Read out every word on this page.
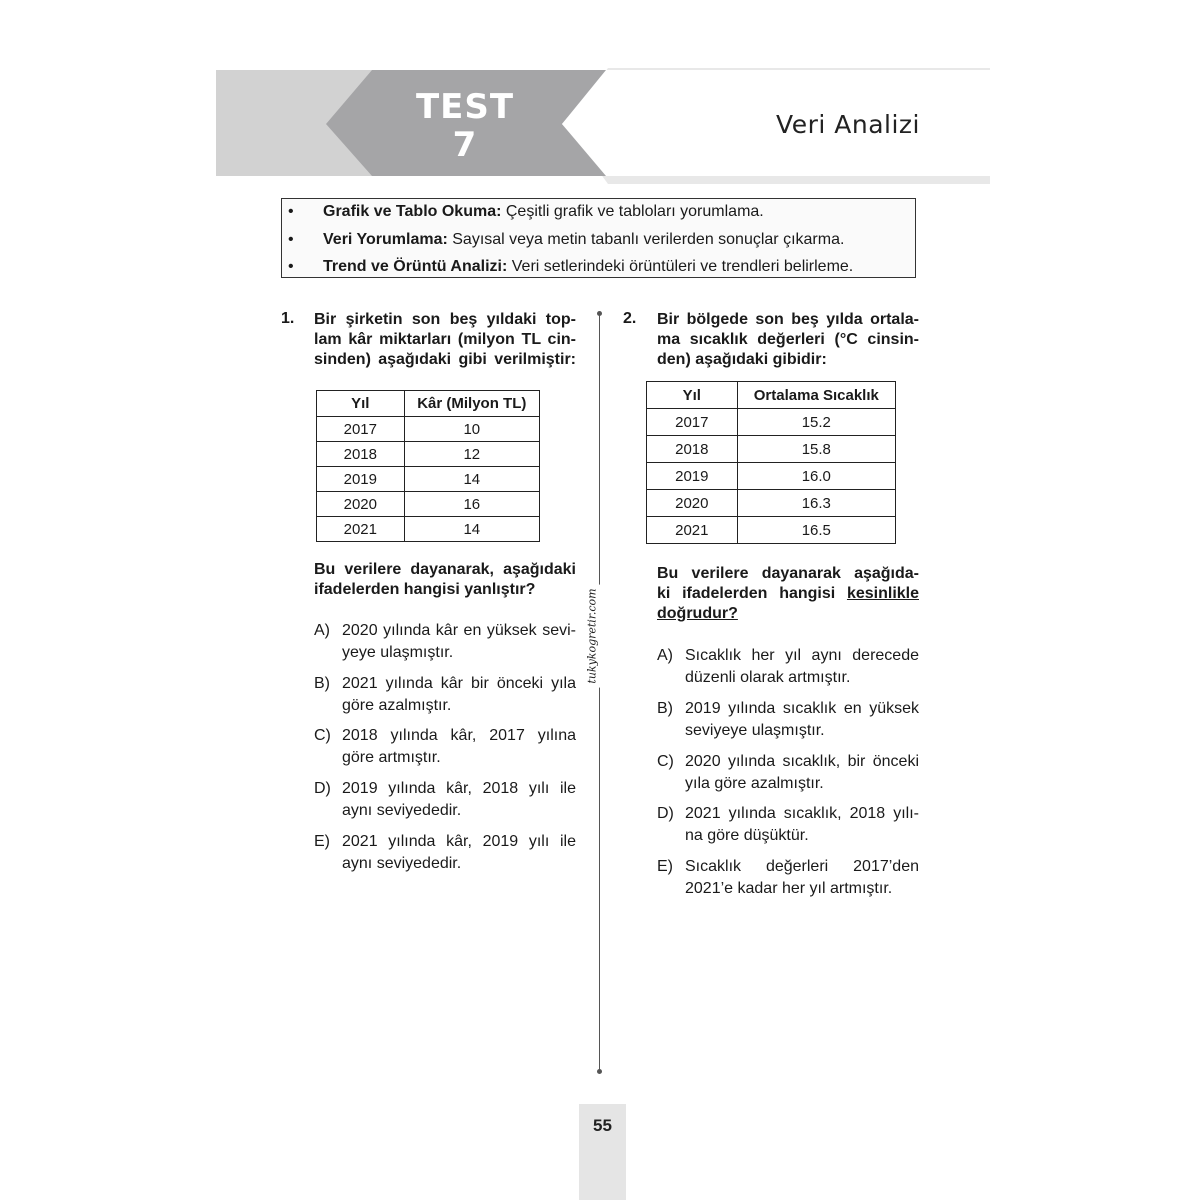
TEST
7
Veri Analizi
• Grafik ve Tablo Okuma: Çeşitli grafik ve tabloları yorumlama.
• Veri Yorumlama: Sayısal veya metin tabanlı verilerden sonuçlar çıkarma.
• Trend ve Örüntü Analizi: Veri setlerindeki örüntüleri ve trendleri belirleme.
1. Bir şirketin son beş yıldaki top-
lam kâr miktarları (milyon TL cin-
sinden) aşağıdaki gibi verilmiştir:
Yıl	Kâr (Milyon TL)
2017	10
2018	12
2019	14
2020	16
2021	14
Bu verilere dayanarak, aşağıdaki
ifadelerden hangisi yanlıştır?
A) 2020 yılında kâr en yüksek sevi-
yeye ulaşmıştır.
B) 2021 yılında kâr bir önceki yıla
göre azalmıştır.
C) 2018 yılında kâr, 2017 yılına
göre artmıştır.
D) 2019 yılında kâr, 2018 yılı ile
aynı seviyededir.
E) 2021 yılında kâr, 2019 yılı ile
aynı seviyededir.
tukykogretir.com
2. Bir bölgede son beş yılda ortala-
ma sıcaklık değerleri (°C cinsin-
den) aşağıdaki gibidir:
Yıl	Ortalama Sıcaklık
2017	15.2
2018	15.8
2019	16.0
2020	16.3
2021	16.5
Bu verilere dayanarak aşağıda-
ki ifadelerden hangisi kesinlikle
doğrudur?
A) Sıcaklık her yıl aynı derecede
düzenli olarak artmıştır.
B) 2019 yılında sıcaklık en yüksek
seviyeye ulaşmıştır.
C) 2020 yılında sıcaklık, bir önceki
yıla göre azalmıştır.
D) 2021 yılında sıcaklık, 2018 yılı-
na göre düşüktür.
E) Sıcaklık değerleri 2017’den
2021’e kadar her yıl artmıştır.
55
